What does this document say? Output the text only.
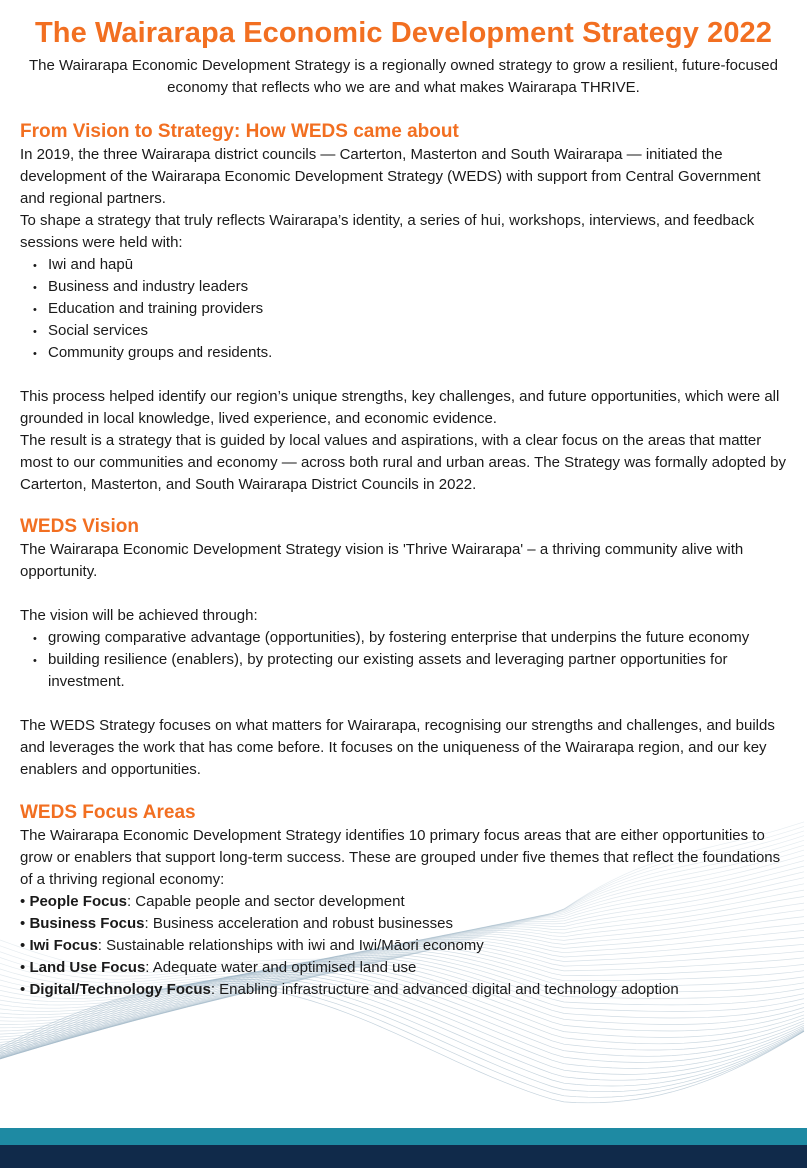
The Wairarapa Economic Development Strategy 2022

The Wairarapa Economic Development Strategy is a regionally owned strategy to grow a resilient, future-focused economy that reflects who we are and what makes Wairarapa THRIVE.

From Vision to Strategy: How WEDS came about

In 2019, the three Wairarapa district councils — Carterton, Masterton and South Wairarapa — initiated the development of the Wairarapa Economic Development Strategy (WEDS) with support from Central Government and regional partners.

To shape a strategy that truly reflects Wairarapa’s identity, a series of hui, workshops, interviews, and feedback sessions were held with:

• Iwi and hapū
• Business and industry leaders
• Education and training providers
• Social services
• Community groups and residents.

This process helped identify our region’s unique strengths, key challenges, and future opportunities, which were all grounded in local knowledge, lived experience, and economic evidence.

The result is a strategy that is guided by local values and aspirations, with a clear focus on the areas that matter most to our communities and economy — across both rural and urban areas. The Strategy was formally adopted by Carterton, Masterton, and South Wairarapa District Councils in 2022.

WEDS Vision

The Wairarapa Economic Development Strategy vision is 'Thrive Wairarapa' – a thriving community alive with opportunity.

The vision will be achieved through:

• growing comparative advantage (opportunities), by fostering enterprise that underpins the future economy
• building resilience (enablers), by protecting our existing assets and leveraging partner opportunities for investment.

The WEDS Strategy focuses on what matters for Wairarapa, recognising our strengths and challenges, and builds and leverages the work that has come before. It focuses on the uniqueness of the Wairarapa region, and our key enablers and opportunities.

WEDS Focus Areas

The Wairarapa Economic Development Strategy identifies 10 primary focus areas that are either opportunities to grow or enablers that support long-term success. These are grouped under five themes that reflect the foundations of a thriving regional economy:

• People Focus: Capable people and sector development
• Business Focus: Business acceleration and robust businesses
• Iwi Focus: Sustainable relationships with iwi and Iwi/Māori economy
• Land Use Focus: Adequate water and optimised land use
• Digital/Technology Focus: Enabling infrastructure and advanced digital and technology adoption
